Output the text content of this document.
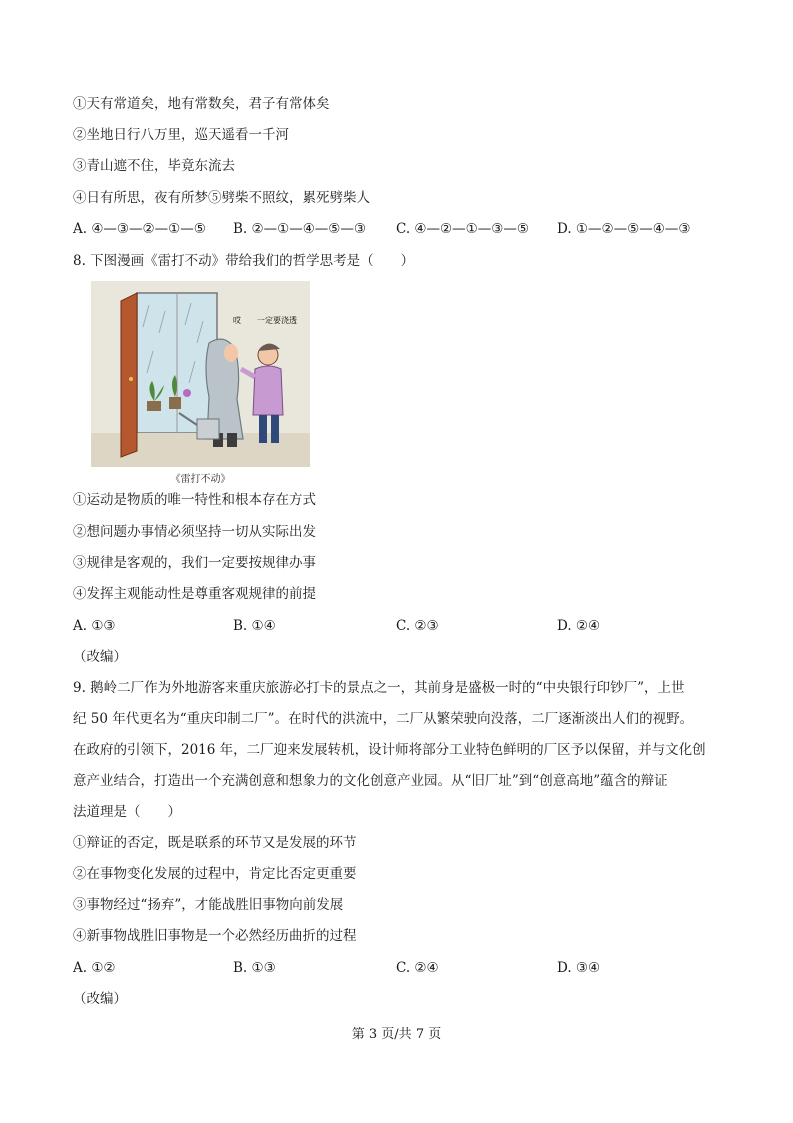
①天有常道矣，地有常数矣，君子有常体矣
②坐地日行八万里，巡天遥看一千河
③青山遮不住，毕竟东流去
④日有所思，夜有所梦⑤劈柴不照纹，累死劈柴人
A. ④—③—②—①—⑤ B. ②—①—④—⑤—③ C. ④—②—①—③—⑤ D. ①—②—⑤—④—③
8. 下图漫画《雷打不动》带给我们的哲学思考是（　　）
哎 一定要浇透
《雷打不动》
①运动是物质的唯一特性和根本存在方式
②想问题办事情必须坚持一切从实际出发
③规律是客观的，我们一定要按规律办事
④发挥主观能动性是尊重客观规律的前提
A. ①③	B. ①④	C. ②③	D. ②④
（改编）
9. 鹅岭二厂作为外地游客来重庆旅游必打卡的景点之一，其前身是盛极一时的“中央银行印钞厂”，上世
纪 50 年代更名为“重庆印制二厂”。在时代的洪流中，二厂从繁荣驶向没落，二厂逐渐淡出人们的视野。
在政府的引领下，2016 年，二厂迎来发展转机，设计师将部分工业特色鲜明的厂区予以保留，并与文化创
意产业结合，打造出一个充满创意和想象力的文化创意产业园。从“旧厂址”到“创意高地”蕴含的辩证
法道理是（　　）
①辩证的否定，既是联系的环节又是发展的环节
②在事物变化发展的过程中，肯定比否定更重要
③事物经过“扬弃”，才能战胜旧事物向前发展
④新事物战胜旧事物是一个必然经历曲折的过程
A. ①②	B. ①③	C. ②④	D. ③④
（改编）
第 3 页/共 7 页
